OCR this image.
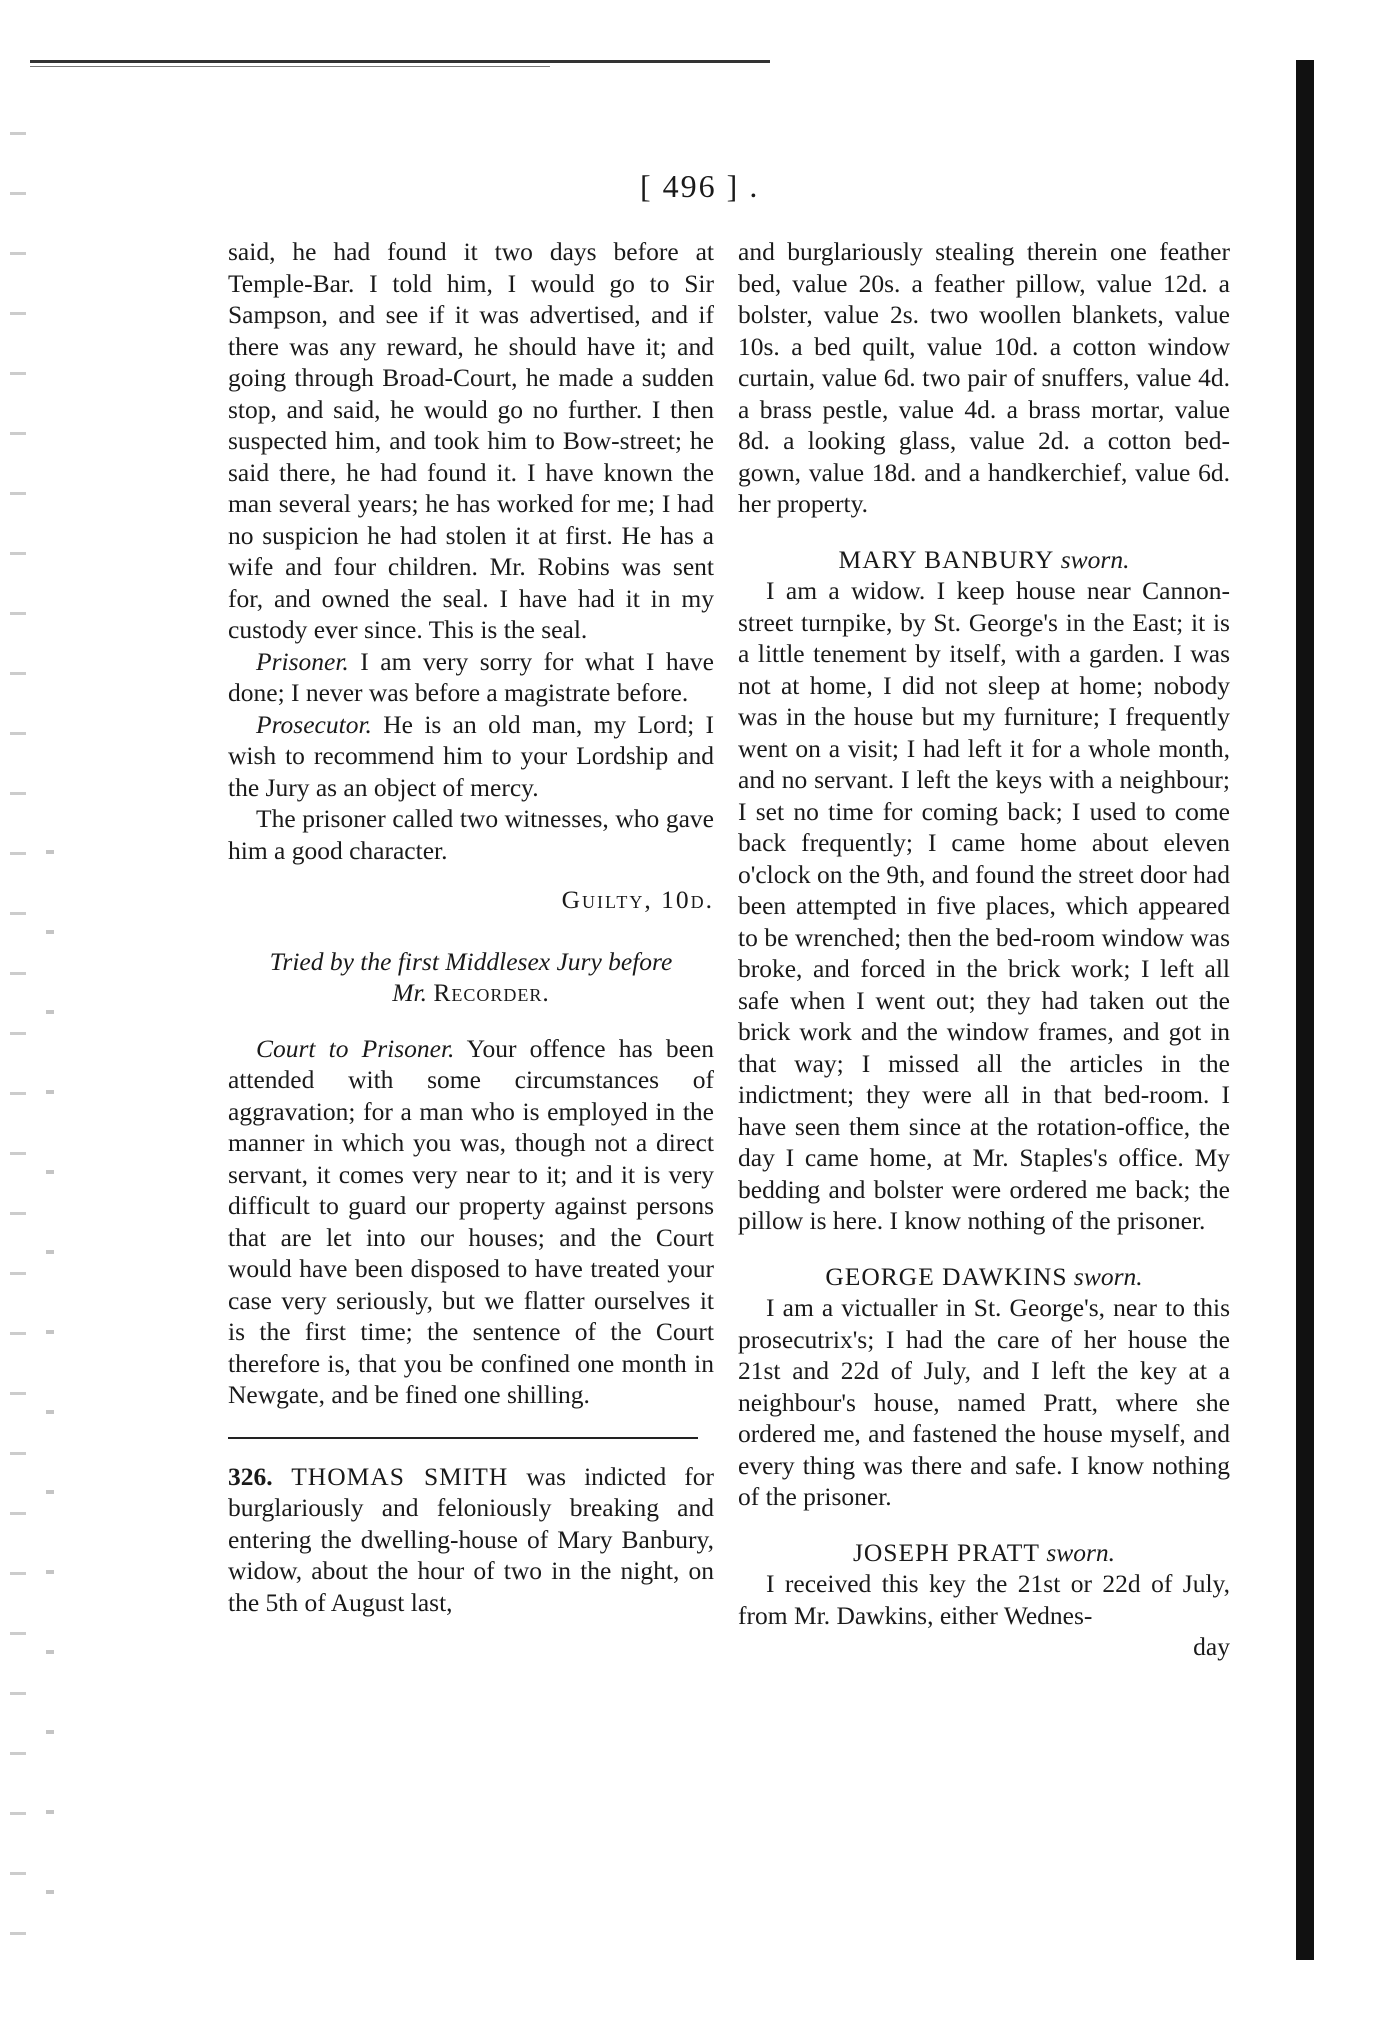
[ 496 ] .

said, he had found it two days before at Temple-Bar. I told him, I would go to Sir Sampson, and see if it was advertised, and if there was any reward, he should have it; and going through Broad-Court, he made a sudden stop, and said, he would go no further. I then suspected him, and took him to Bow-street; he said there, he had found it. I have known the man several years; he has worked for me; I had no suspicion he had stolen it at first. He has a wife and four children. Mr. Robins was sent for, and owned the seal. I have had it in my custody ever since. This is the seal.

Prisoner. I am very sorry for what I have done; I never was before a magistrate before.

Prosecutor. He is an old man, my Lord; I wish to recommend him to your Lordship and the Jury as an object of mercy.

The prisoner called two witnesses, who gave him a good character.

Guilty, 10d.

Tried by the first Middlesex Jury before
Mr. Recorder.

Court to Prisoner. Your offence has been attended with some circumstances of aggravation; for a man who is employed in the manner in which you was, though not a direct servant, it comes very near to it; and it is very difficult to guard our property against persons that are let into our houses; and the Court would have been disposed to have treated your case very seriously, but we flatter ourselves it is the first time; the sentence of the Court therefore is, that you be confined one month in Newgate, and be fined one shilling.

326. THOMAS SMITH was indicted for burglariously and feloniously breaking and entering the dwelling-house of Mary Banbury, widow, about the hour of two in the night, on the 5th of August last,

and burglariously stealing therein one feather bed, value 20s. a feather pillow, value 12d. a bolster, value 2s. two woollen blankets, value 10s. a bed quilt, value 10d. a cotton window curtain, value 6d. two pair of snuffers, value 4d. a brass pestle, value 4d. a brass mortar, value 8d. a looking glass, value 2d. a cotton bed-gown, value 18d. and a handkerchief, value 6d. her property.

MARY BANBURY sworn.

I am a widow. I keep house near Cannon-street turnpike, by St. George's in the East; it is a little tenement by itself, with a garden. I was not at home, I did not sleep at home; nobody was in the house but my furniture; I frequently went on a visit; I had left it for a whole month, and no servant. I left the keys with a neighbour; I set no time for coming back; I used to come back frequently; I came home about eleven o'clock on the 9th, and found the street door had been attempted in five places, which appeared to be wrenched; then the bed-room window was broke, and forced in the brick work; I left all safe when I went out; they had taken out the brick work and the window frames, and got in that way; I missed all the articles in the indictment; they were all in that bed-room. I have seen them since at the rotation-office, the day I came home, at Mr. Staples's office. My bedding and bolster were ordered me back; the pillow is here. I know nothing of the prisoner.

GEORGE DAWKINS sworn.

I am a victualler in St. George's, near to this prosecutrix's; I had the care of her house the 21st and 22d of July, and I left the key at a neighbour's house, named Pratt, where she ordered me, and fastened the house myself, and every thing was there and safe. I know nothing of the prisoner.

JOSEPH PRATT sworn.

I received this key the 21st or 22d of July, from Mr. Dawkins, either Wednes-

day
